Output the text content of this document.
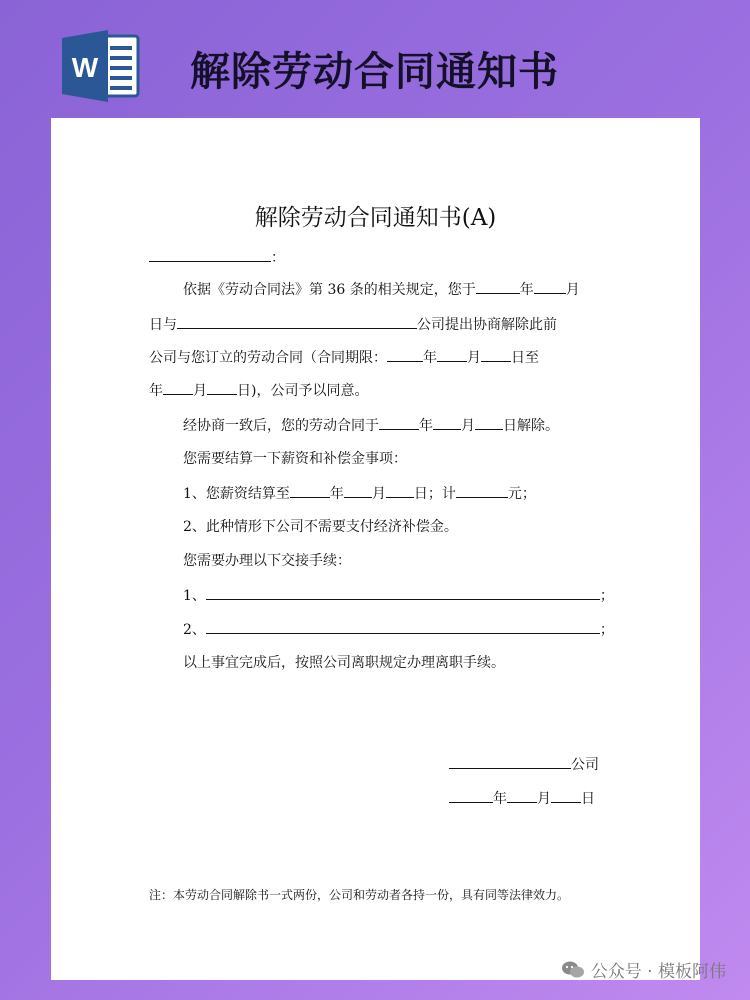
W 解除劳动合同通知书
解除劳动合同通知书(A)
：
依据《劳动合同法》第 36 条的相关规定，您于	年 月
日与	公司提出协商解除此前
公司与您订立的劳动合同（合同期限：	年 月 日至
年 月 日)，公司予以同意。
经协商一致后，您的劳动合同于	年 月 日解除。
您需要结算一下薪资和补偿金事项：
1、您薪资结算至	年 月 日；计	元；
2、此种情形下公司不需要支付经济补偿金。
您需要办理以下交接手续：
1、	；
2、	；
以上事宜完成后，按照公司离职规定办理离职手续。
公司
年 月 日
注：本劳动合同解除书一式两份，公司和劳动者各持一份，具有同等法律效力。
公众号 · 模板阿伟
